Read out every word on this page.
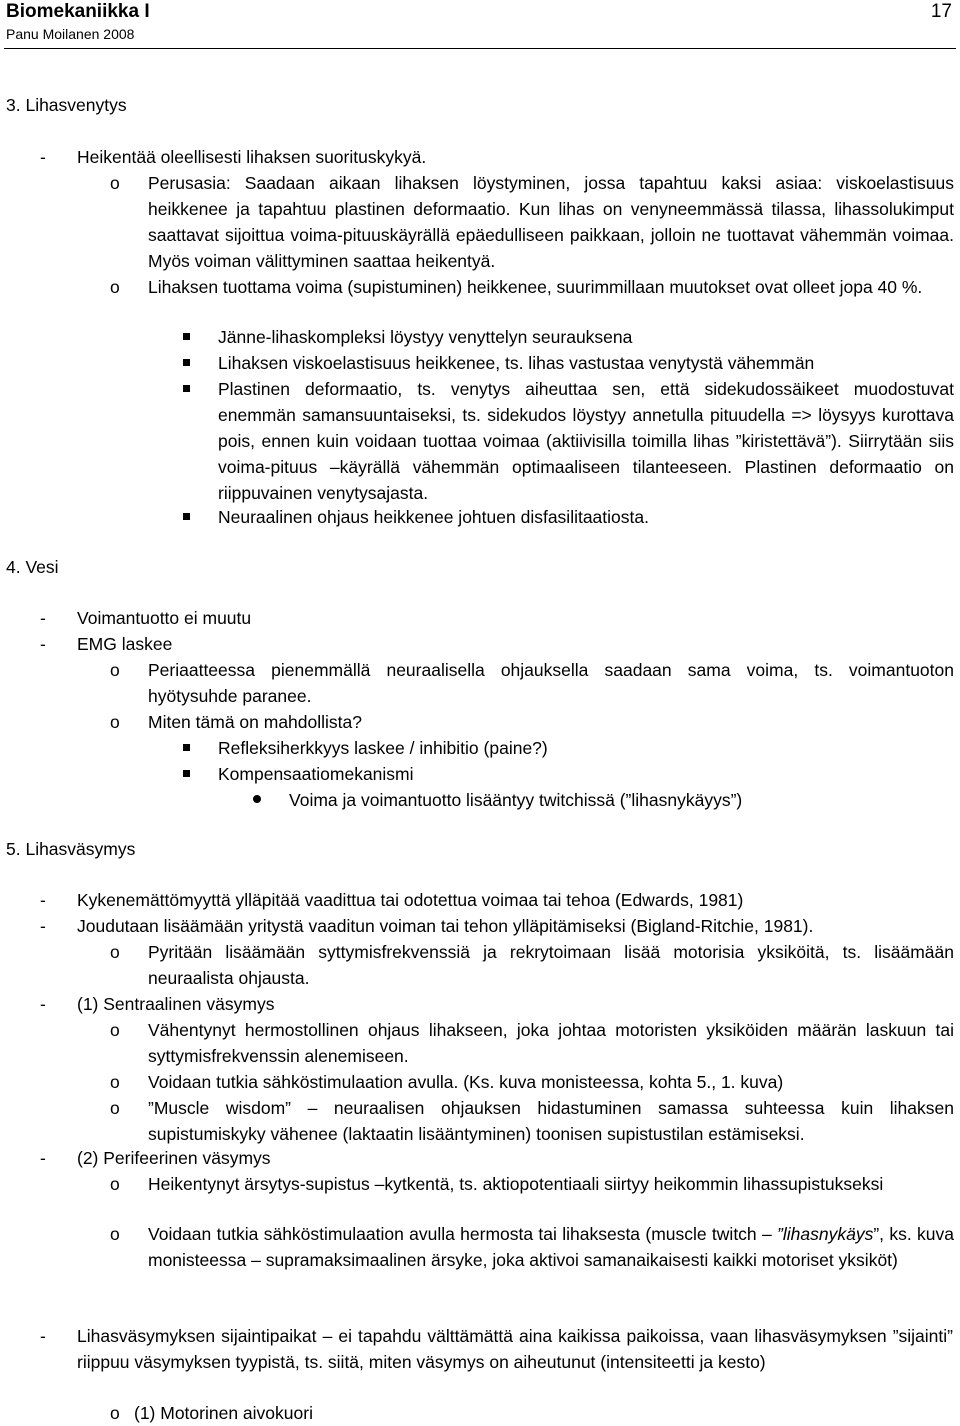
Biomekaniikka I
Panu Moilanen 2008
17
3. Lihasvenytys
- Heikentää oleellisesti lihaksen suorituskykyä.
o Perusasia: Saadaan aikaan lihaksen löystyminen, jossa tapahtuu kaksi asiaa: viskoelastisuus heikkenee ja tapahtuu plastinen deformaatio. Kun lihas on venyneemmässä tilassa, lihassolukimput saattavat sijoittua voima-pituuskäyrällä epäedulliseen paikkaan, jolloin ne tuottavat vähemmän voimaa. Myös voiman välittyminen saattaa heikentyä.
o Lihaksen tuottama voima (supistuminen) heikkenee, suurimmillaan muutokset ovat olleet jopa 40 %.
Jänne-lihaskompleksi löystyy venyttelyn seurauksena
Lihaksen viskoelastisuus heikkenee, ts. lihas vastustaa venytystä vähemmän
Plastinen deformaatio, ts. venytys aiheuttaa sen, että sidekudossäikeet muodostuvat enemmän samansuuntaiseksi, ts. sidekudos löystyy annetulla pituudella => löysyys kurottava pois, ennen kuin voidaan tuottaa voimaa (aktiivisilla toimilla lihas ”kiristettävä”). Siirrytään siis voima-pituus –käyrällä vähemmän optimaaliseen tilanteeseen. Plastinen deformaatio on riippuvainen venytysajasta.
Neuraalinen ohjaus heikkenee johtuen disfasilitaatiosta.
4. Vesi
- Voimantuotto ei muutu
- EMG laskee
o Periaatteessa pienemmällä neuraalisella ohjauksella saadaan sama voima, ts. voimantuoton hyötysuhde paranee.
o Miten tämä on mahdollista?
Refleksiherkkyys laskee / inhibitio (paine?)
Kompensaatiomekanismi
Voima ja voimantuotto lisääntyy twitchissä (”lihasnykäyys”)
5. Lihasväsymys
- Kykenemättömyyttä ylläpitää vaadittua tai odotettua voimaa tai tehoa (Edwards, 1981)
- Joudutaan lisäämään yritystä vaaditun voiman tai tehon ylläpitämiseksi (Bigland-Ritchie, 1981).
o Pyritään lisäämään syttymisfrekvenssiä ja rekrytoimaan lisää motorisia yksiköitä, ts. lisäämään neuraalista ohjausta.
- (1) Sentraalinen väsymys
o Vähentynyt hermostollinen ohjaus lihakseen, joka johtaa motoristen yksiköiden määrän laskuun tai syttymisfrekvenssin alenemiseen.
o Voidaan tutkia sähköstimulaation avulla. (Ks. kuva monisteessa, kohta 5., 1. kuva)
o ”Muscle wisdom” – neuraalisen ohjauksen hidastuminen samassa suhteessa kuin lihaksen supistumiskyky vähenee (laktaatin lisääntyminen) toonisen supistustilan estämiseksi.
- (2) Perifeerinen väsymys
o Heikentynyt ärsytys-supistus –kytkentä, ts. aktiopotentiaali siirtyy heikommin lihassupistukseksi
o Voidaan tutkia sähköstimulaation avulla hermosta tai lihaksesta (muscle twitch – ”lihasnykäys”, ks. kuva monisteessa – supramaksimaalinen ärsyke, joka aktivoi samanaikaisesti kaikki motoriset yksiköt)
- Lihasväsymyksen sijaintipaikat – ei tapahdu välttämättä aina kaikissa paikoissa, vaan lihasväsymyksen ”sijainti” riippuu väsymyksen tyypistä, ts. siitä, miten väsymys on aiheutunut (intensiteetti ja kesto)
o (1) Motorinen aivokuori
